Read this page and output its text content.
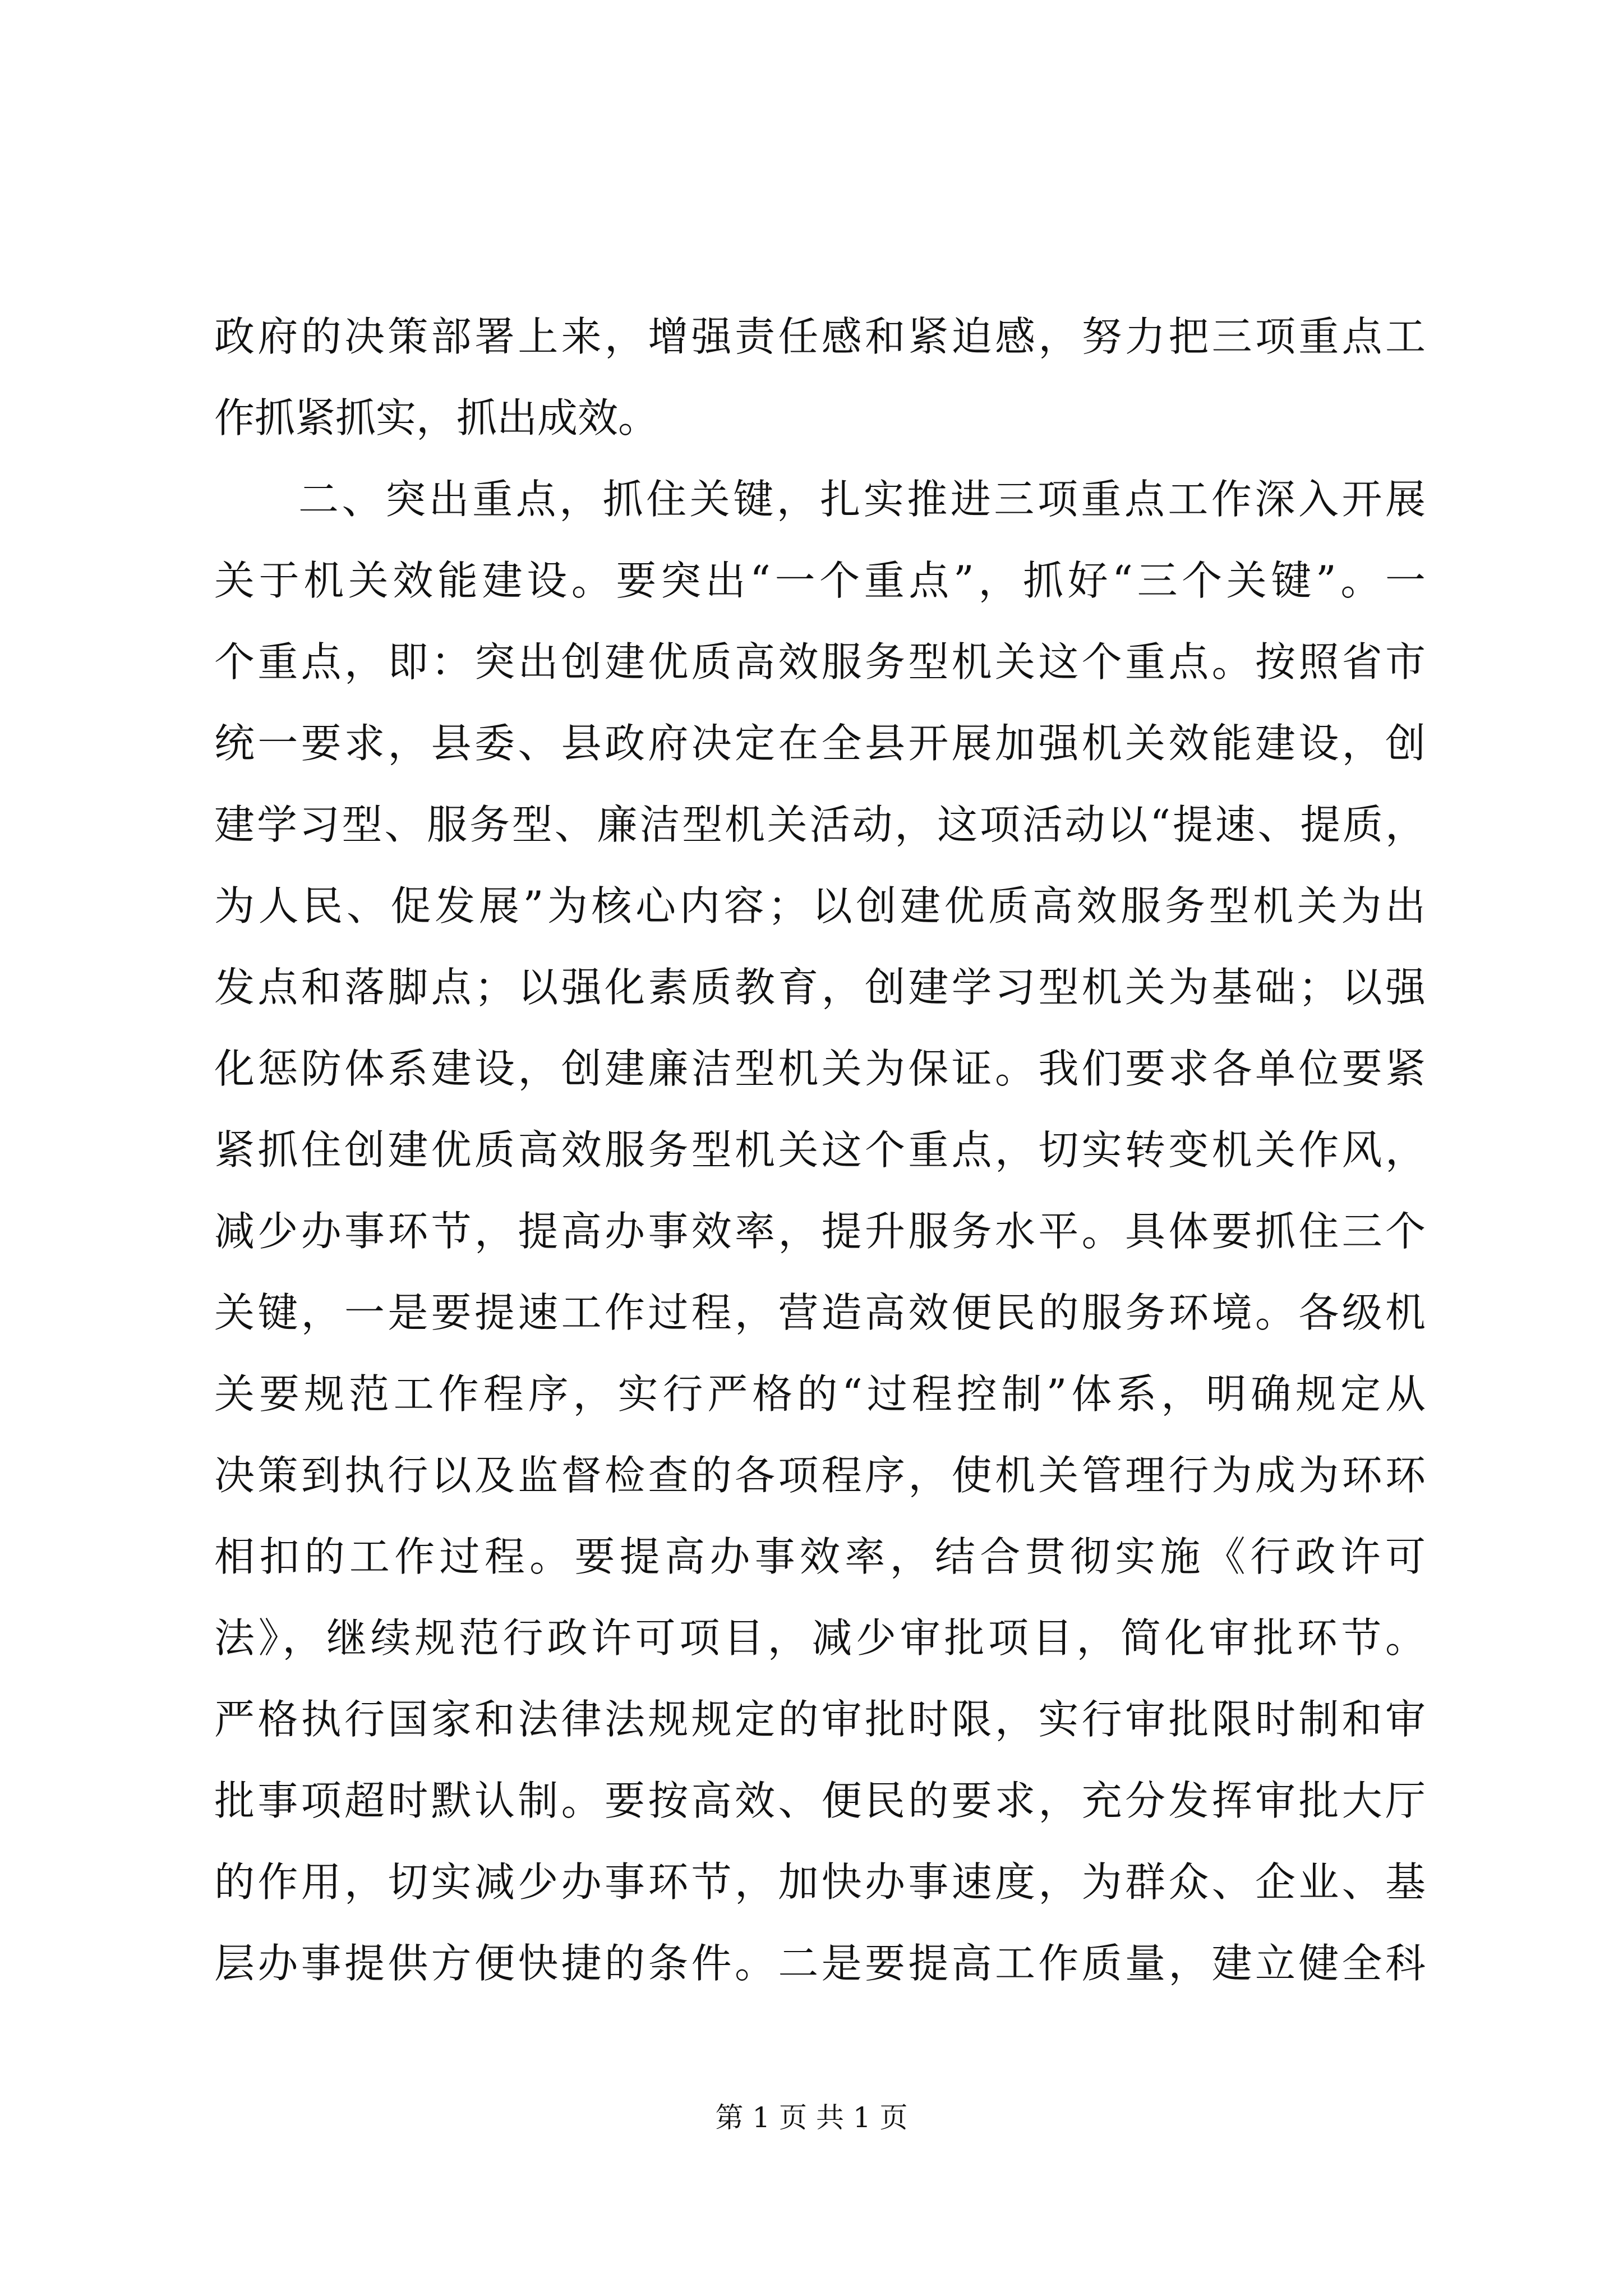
政府的决策部署上来，增强责任感和紧迫感，努力把三项重点工
作抓紧抓实，抓出成效。
二、突出重点，抓住关键，扎实推进三项重点工作深入开展
关于机关效能建设。要突出“一个重点”，抓好“三个关键”。一
个重点，即：突出创建优质高效服务型机关这个重点。按照省市
统一要求，县委、县政府决定在全县开展加强机关效能建设，创
建学习型、服务型、廉洁型机关活动，这项活动以“提速、提质，
为人民、促发展”为核心内容；以创建优质高效服务型机关为出
发点和落脚点；以强化素质教育，创建学习型机关为基础；以强
化惩防体系建设，创建廉洁型机关为保证。我们要求各单位要紧
紧抓住创建优质高效服务型机关这个重点，切实转变机关作风，
减少办事环节，提高办事效率，提升服务水平。具体要抓住三个
关键，一是要提速工作过程，营造高效便民的服务环境。各级机
关要规范工作程序，实行严格的“过程控制”体系，明确规定从
决策到执行以及监督检查的各项程序，使机关管理行为成为环环
相扣的工作过程。要提高办事效率，结合贯彻实施《行政许可
法》，继续规范行政许可项目，减少审批项目，简化审批环节。
严格执行国家和法律法规规定的审批时限，实行审批限时制和审
批事项超时默认制。要按高效、便民的要求，充分发挥审批大厅
的作用，切实减少办事环节，加快办事速度，为群众、企业、基
层办事提供方便快捷的条件。二是要提高工作质量，建立健全科
第 1 页 共 1 页
